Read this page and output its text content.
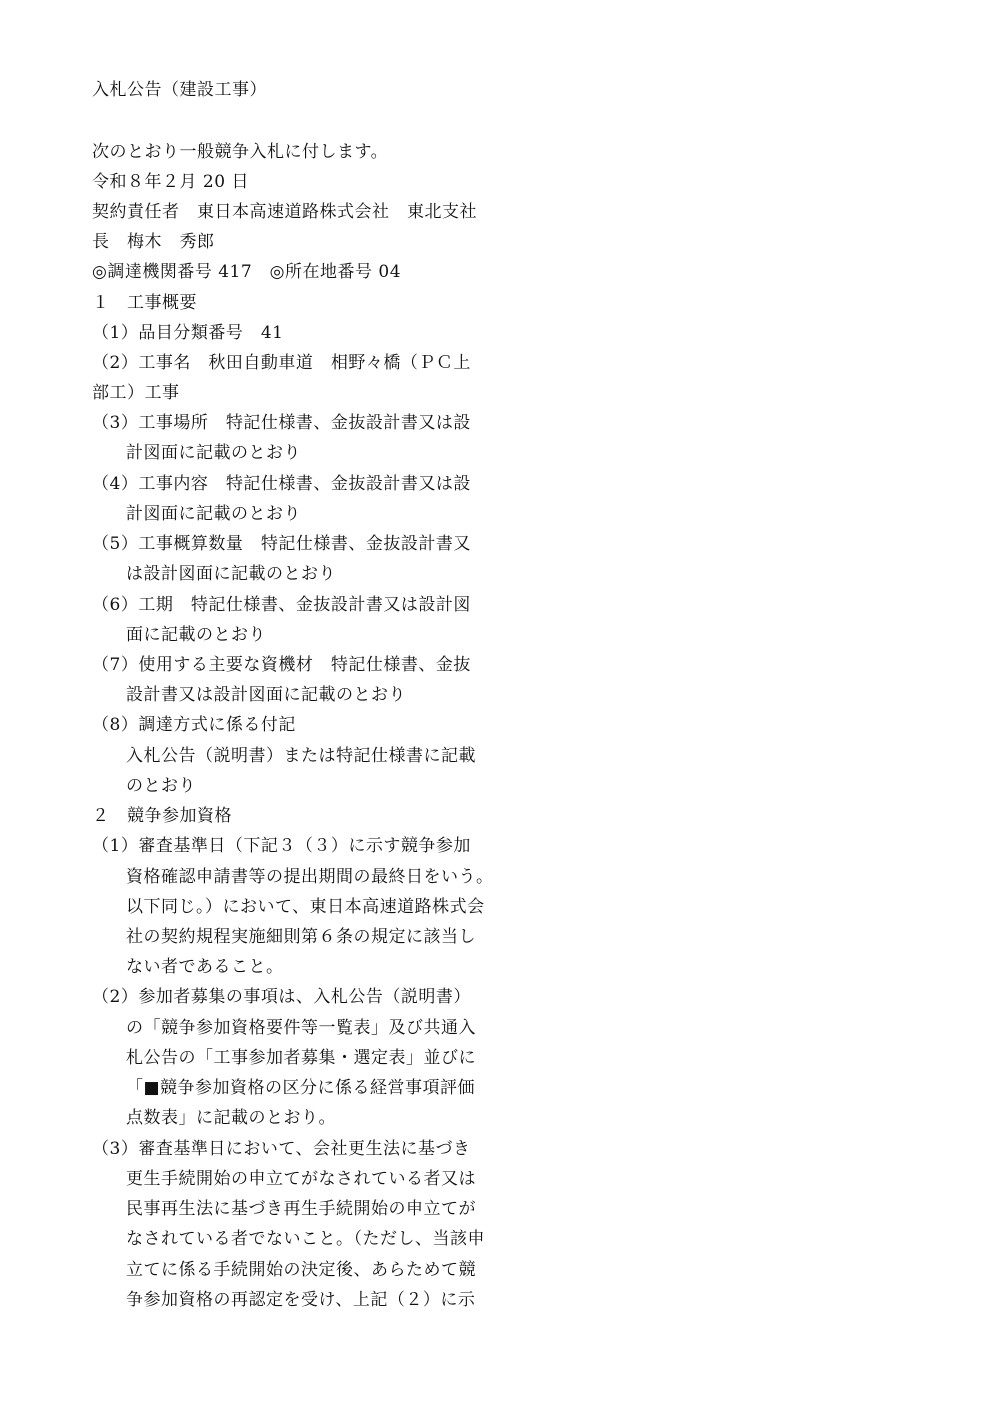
入札公告（建設工事）
次のとおり一般競争入札に付します。
令和８年２月 20 日
契約責任者　東日本高速道路株式会社　東北支社
長　梅木　秀郎
◎調達機関番号 417　◎所在地番号 04
１　工事概要
（1）品目分類番号　41
（2）工事名　秋田自動車道　相野々橋（ＰＣ上
部工）工事
（3）工事場所　特記仕様書、金抜設計書又は設
計図面に記載のとおり
（4）工事内容　特記仕様書、金抜設計書又は設
計図面に記載のとおり
（5）工事概算数量　特記仕様書、金抜設計書又
は設計図面に記載のとおり
（6）工期　特記仕様書、金抜設計書又は設計図
面に記載のとおり
（7）使用する主要な資機材　特記仕様書、金抜
設計書又は設計図面に記載のとおり
（8）調達方式に係る付記
入札公告（説明書）または特記仕様書に記載
のとおり
２　競争参加資格
（1）審査基準日（下記３（３）に示す競争参加
資格確認申請書等の提出期間の最終日をいう。
以下同じ。）において、東日本高速道路株式会
社の契約規程実施細則第６条の規定に該当し
ない者であること。
（2）参加者募集の事項は、入札公告（説明書）
の「競争参加資格要件等一覧表」及び共通入
札公告の「工事参加者募集・選定表」並びに
「■競争参加資格の区分に係る経営事項評価
点数表」に記載のとおり。
（3）審査基準日において、会社更生法に基づき
更生手続開始の申立てがなされている者又は
民事再生法に基づき再生手続開始の申立てが
なされている者でないこと。（ただし、当該申
立てに係る手続開始の決定後、あらためて競
争参加資格の再認定を受け、上記（２）に示
